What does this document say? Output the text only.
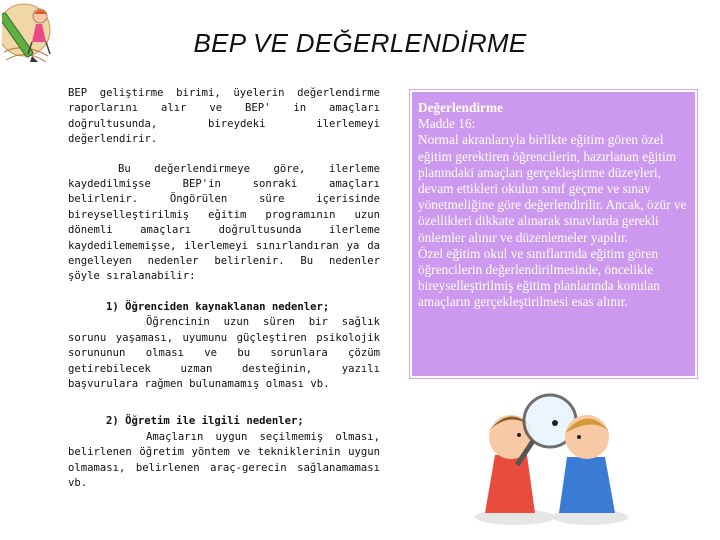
BEP VE DEĞERLENDİRME

BEP geliştirme birimi, üyelerin değerlendirme raporlarını alır ve BEP' in amaçları doğrultusunda, bireydeki ilerlemeyi değerlendirir.

Bu değerlendirmeye göre, ilerleme kaydedilmişse BEP'in sonraki amaçları belirlenir. Öngörülen süre içerisinde bireyselleştirilmiş eğitim programının uzun dönemli amaçları doğrultusunda ilerleme kaydedilememişse, ilerlemeyi sınırlandıran ya da engelleyen nedenler belirlenir. Bu nedenler şöyle sıralanabilir:

1) Öğrenciden kaynaklanan nedenler;

Öğrencinin uzun süren bir sağlık sorunu yaşaması, uyumunu güçleştiren psikolojik sorununun olması ve bu sorunlara çözüm getirebilecek uzman desteğinin, yazılı başvurulara rağmen bulunamamış olması vb.

2) Öğretim ile ilgili nedenler;

Amaçların uygun seçilmemiş olması, belirlenen öğretim yöntem ve tekniklerinin uygun olmaması, belirlenen araç-gerecin sağlanamaması vb.

Değerlendirme
Madde 16:
Normal akranlarıyla birlikte eğitim gören özel eğitim gerektiren öğrencilerin, hazırlanan eğitim planındaki amaçları gerçekleştirme düzeyleri, devam ettikleri okulun sınıf geçme ve sınav yönetmeliğine göre değerlendirilir. Ancak, özür ve özellikleri dikkate alınarak sınavlarda gerekli önlemler alınır ve düzenlemeler yapılır.
Özel eğitim okul ve sınıflarında eğitim gören öğrencilerin değerlendirilmesinde, öncelikle bireyselleştirilmiş eğitim planlarında konulan amaçların gerçekleştirilmesi esas alınır.
